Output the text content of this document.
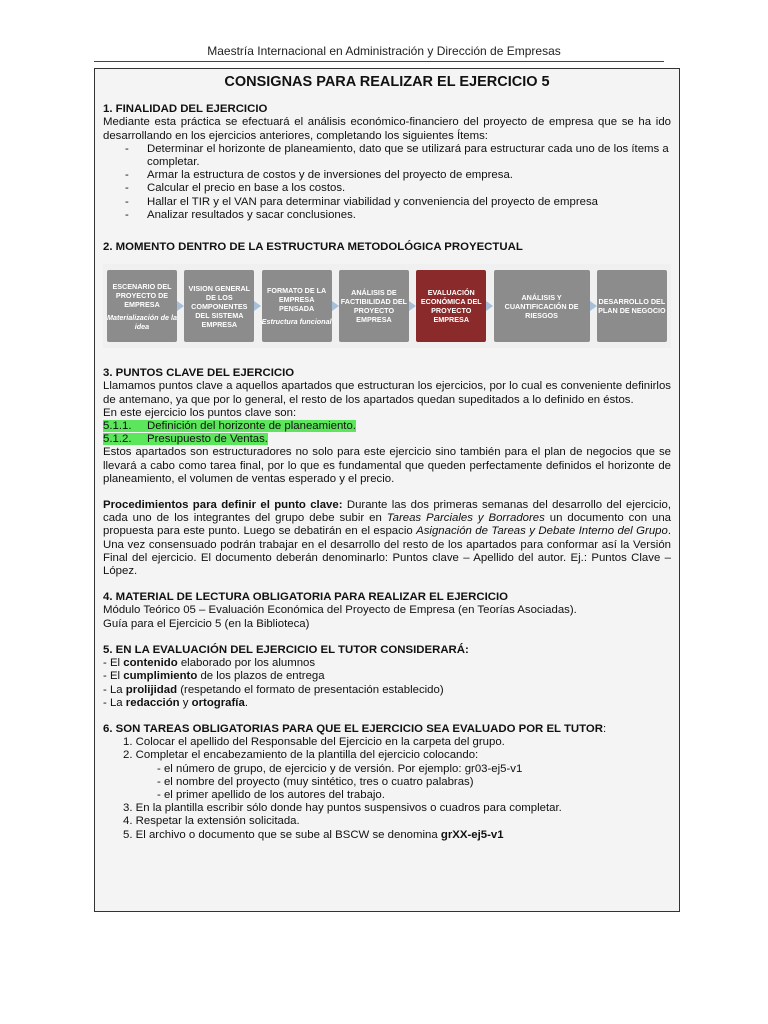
Maestría Internacional en Administración y Dirección de Empresas
CONSIGNAS PARA REALIZAR EL EJERCICIO 5
1. FINALIDAD DEL EJERCICIO

Mediante esta práctica se efectuará el análisis económico-financiero del proyecto de empresa que se ha ido desarrollando en los ejercicios anteriores, completando los siguientes Ítems:

- Determinar el horizonte de planeamiento, dato que se utilizará para estructurar cada uno de los ítems a completar.
- Armar la estructura de costos y de inversiones del proyecto de empresa.
- Calcular el precio en base a los costos.
- Hallar el TIR y el VAN para determinar viabilidad y conveniencia del proyecto de empresa
- Analizar resultados y sacar conclusiones.
2. MOMENTO DENTRO DE LA ESTRUCTURA METODOLÓGICA PROYECTUAL
ESCENARIO DEL PROYECTO DE EMPRESA
Materialización de la idea
VISION GENERAL DE LOS COMPONENTES DEL SISTEMA EMPRESA
FORMATO DE LA EMPRESA PENSADA
Estructura funcional
ANÁLISIS DE FACTIBILIDAD DEL PROYECTO EMPRESA
EVALUACIÓN ECONÓMICA DEL PROYECTO EMPRESA
ANÁLISIS Y CUANTIFICACIÓN DE RIESGOS
DESARROLLO DEL PLAN DE NEGOCIO
3. PUNTOS CLAVE DEL EJERCICIO

Llamamos puntos clave a aquellos apartados que estructuran los ejercicios, por lo cual es conveniente definirlos de antemano, ya que por lo general, el resto de los apartados quedan supeditados a lo definido en éstos.

En este ejercicio los puntos clave son:

5.1.1. Definición del horizonte de planeamiento.
5.1.2. Presupuesto de Ventas.

Estos apartados son estructuradores no solo para este ejercicio sino también para el plan de negocios que se llevará a cabo como tarea final, por lo que es fundamental que queden perfectamente definidos el horizonte de planeamiento, el volumen de ventas esperado y el precio.

Procedimientos para definir el punto clave: Durante las dos primeras semanas del desarrollo del ejercicio, cada uno de los integrantes del grupo debe subir en Tareas Parciales y Borradores un documento con una propuesta para este punto. Luego se debatirán en el espacio Asignación de Tareas y Debate Interno del Grupo. Una vez consensuado podrán trabajar en el desarrollo del resto de los apartados para conformar así la Versión Final del ejercicio. El documento deberán denominarlo: Puntos clave – Apellido del autor. Ej.: Puntos Clave – López.

4. MATERIAL DE LECTURA OBLIGATORIA PARA REALIZAR EL EJERCICIO
Módulo Teórico 05 – Evaluación Económica del Proyecto de Empresa (en Teorías Asociadas).
Guía para el Ejercicio 5 (en la Biblioteca)
5. EN LA EVALUACIÓN DEL EJERCICIO EL TUTOR CONSIDERARÁ:
- El contenido elaborado por los alumnos
- El cumplimiento de los plazos de entrega
- La prolijidad (respetando el formato de presentación establecido)
- La redacción y ortografía.
6. SON TAREAS OBLIGATORIAS PARA QUE EL EJERCICIO SEA EVALUADO POR EL TUTOR:
1. Colocar el apellido del Responsable del Ejercicio en la carpeta del grupo.
2. Completar el encabezamiento de la plantilla del ejercicio colocando:
- el número de grupo, de ejercicio y de versión. Por ejemplo: gr03-ej5-v1
- el nombre del proyecto (muy sintético, tres o cuatro palabras)
- el primer apellido de los autores del trabajo.
3. En la plantilla escribir sólo donde hay puntos suspensivos o cuadros para completar.
4. Respetar la extensión solicitada.
5. El archivo o documento que se sube al BSCW se denomina grXX-ej5-v1
